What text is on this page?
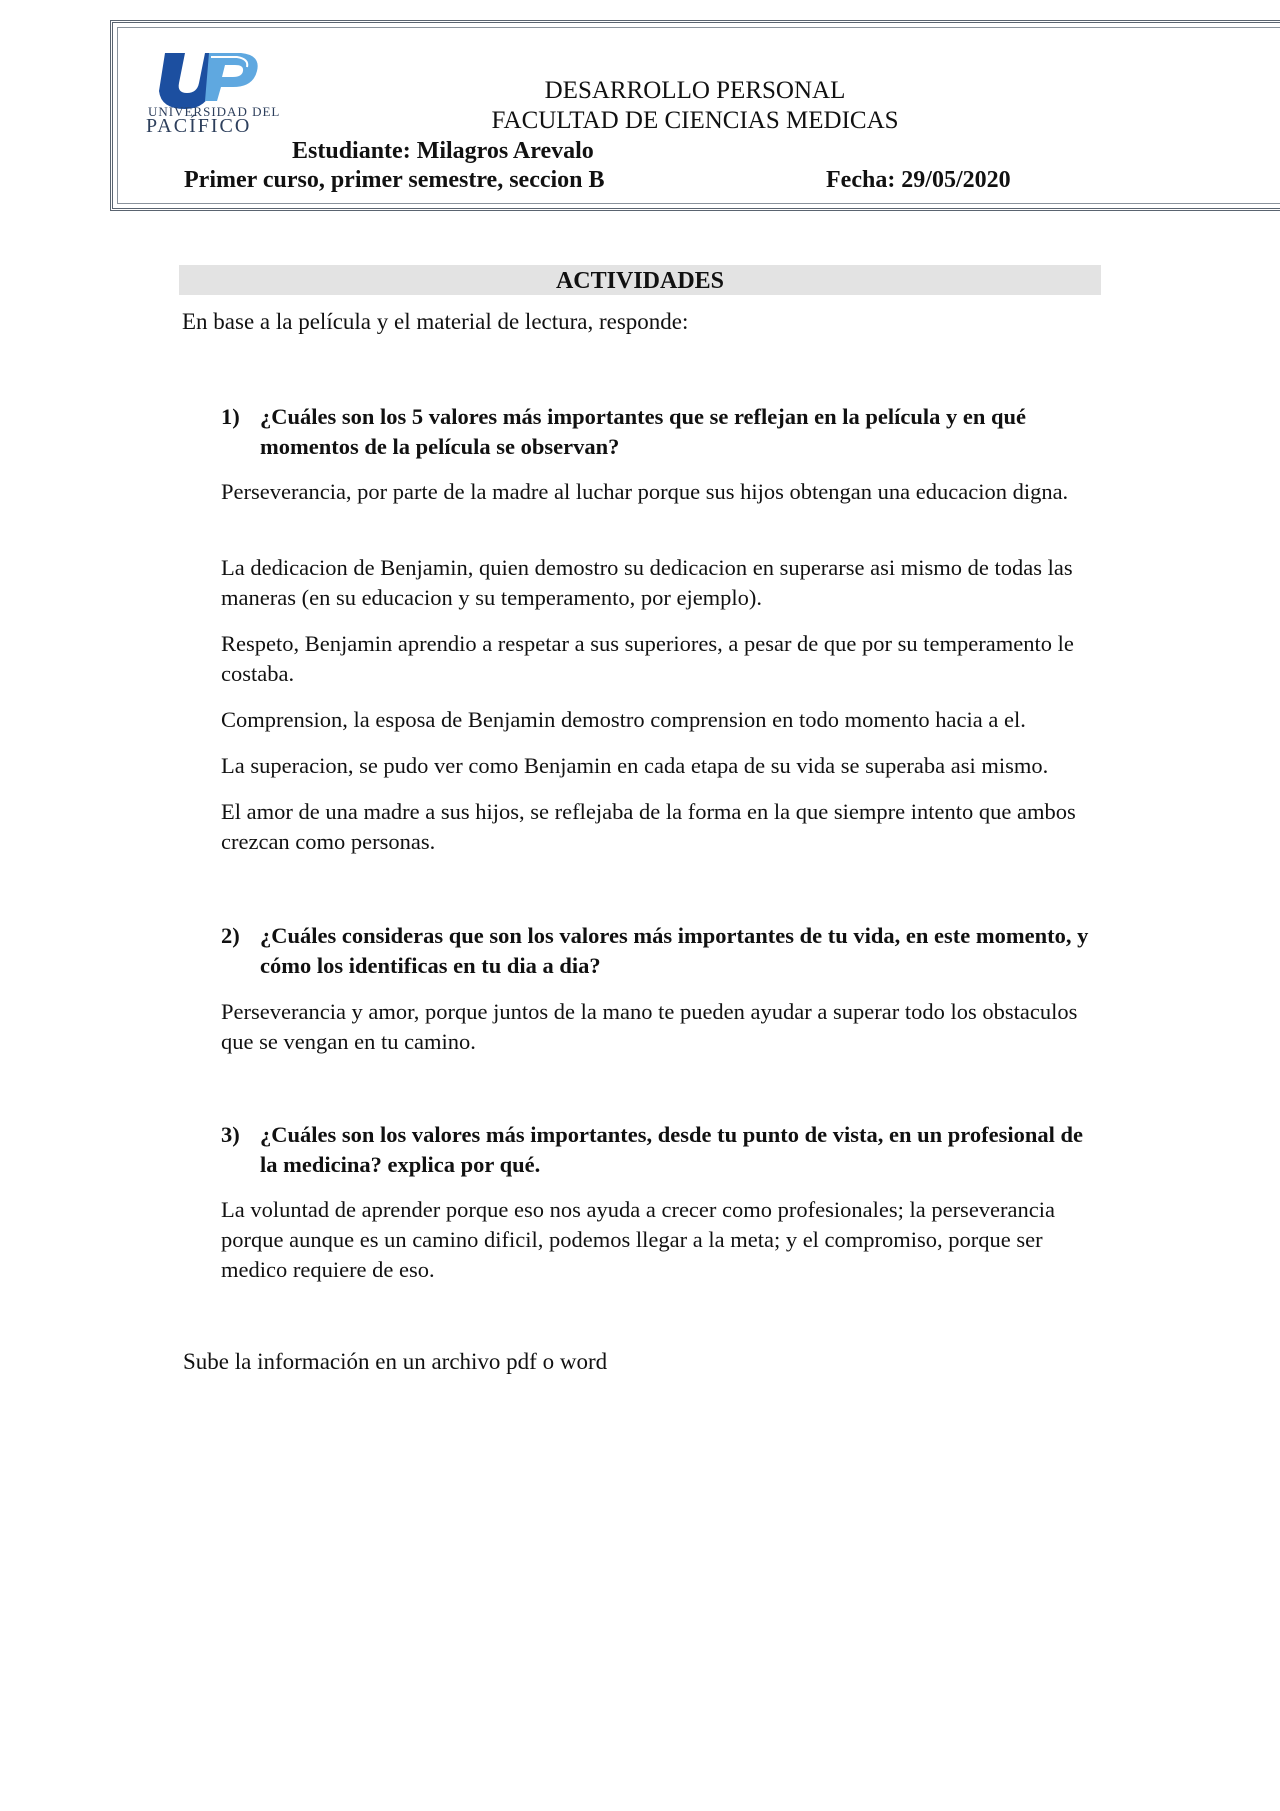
UNIVERSIDAD DEL
PACÍFICO
DESARROLLO PERSONAL
FACULTAD DE CIENCIAS MEDICAS
Estudiante: Milagros Arevalo
Primer curso, primer semestre, seccion B	Fecha: 29/05/2020
ACTIVIDADES
En base a la película y el material de lectura, responde:
1) ¿Cuáles son los 5 valores más importantes que se reflejan en la película y en qué momentos de la película se observan?
Perseverancia, por parte de la madre al luchar porque sus hijos obtengan una educacion digna.
La dedicacion de Benjamin, quien demostro su dedicacion en superarse asi mismo de todas las maneras (en su educacion y su temperamento, por ejemplo).
Respeto, Benjamin aprendio a respetar a sus superiores, a pesar de que por su temperamento le costaba.
Comprension, la esposa de Benjamin demostro comprension en todo momento hacia a el.
La superacion, se pudo ver como Benjamin en cada etapa de su vida se superaba asi mismo.
El amor de una madre a sus hijos, se reflejaba de la forma en la que siempre intento que ambos crezcan como personas.
2) ¿Cuáles consideras que son los valores más importantes de tu vida, en este momento, y cómo los identificas en tu dia a dia?
Perseverancia y amor, porque juntos de la mano te pueden ayudar a superar todo los obstaculos que se vengan en tu camino.
3) ¿Cuáles son los valores más importantes, desde tu punto de vista, en un profesional de la medicina? explica por qué.
La voluntad de aprender porque eso nos ayuda a crecer como profesionales; la perseverancia porque aunque es un camino dificil, podemos llegar a la meta; y el compromiso, porque ser medico requiere de eso.
Sube la información en un archivo pdf o word
